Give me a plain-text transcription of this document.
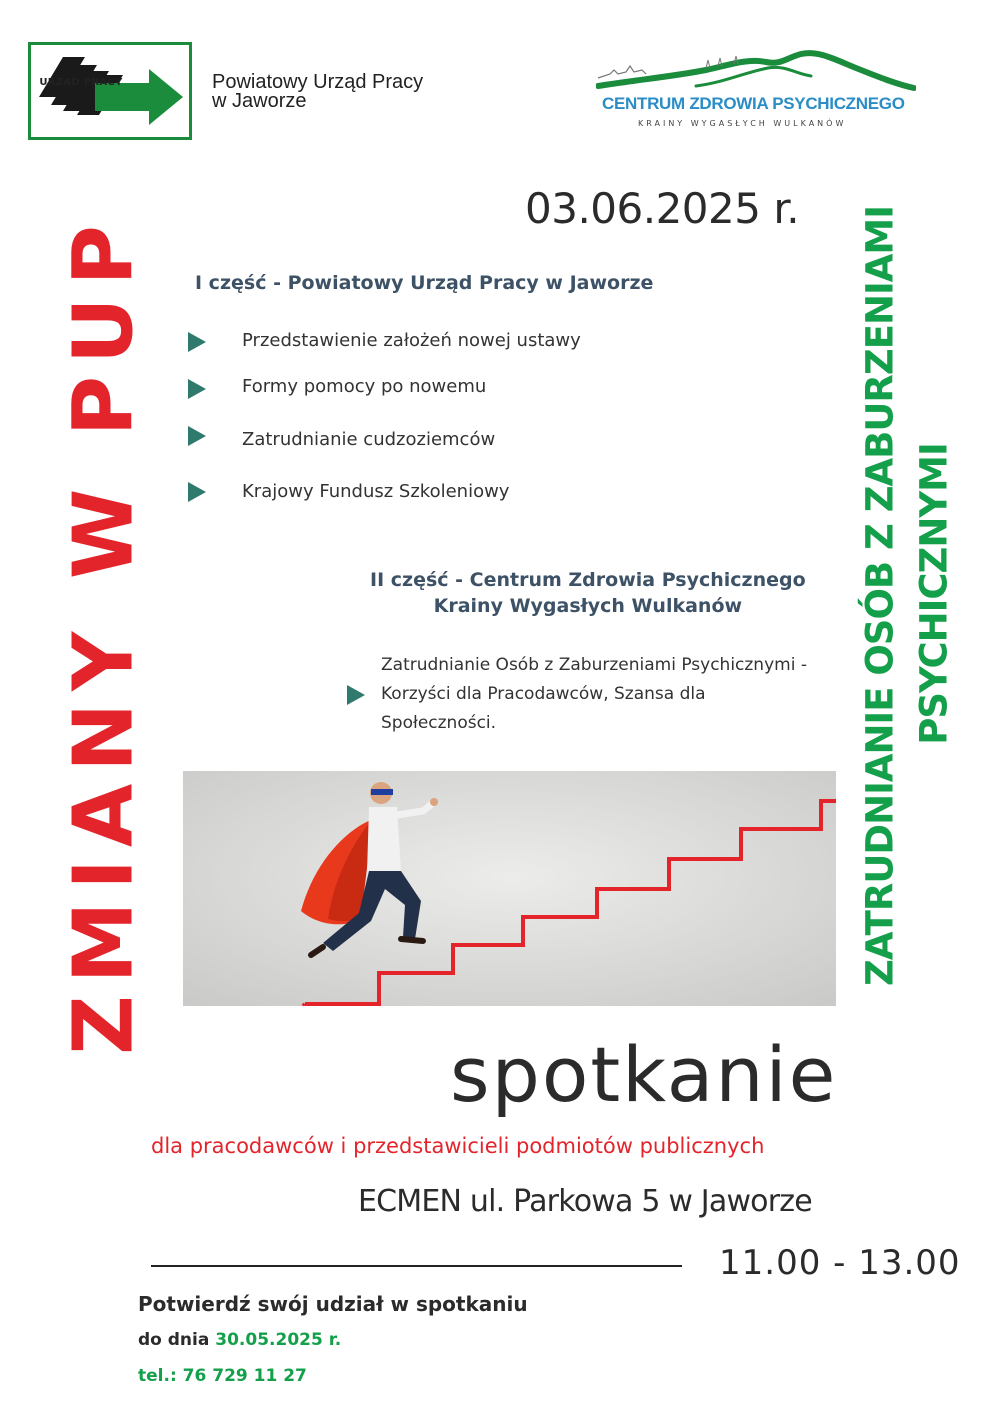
URZĄD PRACY	Powiatowy Urząd Pracy
w Jaworze	CENTRUM ZDROWIA PSYCHICZNEGO
KRAINY WYGASŁYCH WULKANÓW
ZMIANY W PUP	ZATRUDNIANIE OSÓB Z ZABURZENIAMI PSYCHICZNYMI
03.06.2025 r.
I część - Powiatowy Urząd Pracy w Jaworze
Przedstawienie założeń nowej ustawy
Formy pomocy po nowemu
Zatrudnianie cudzoziemców
Krajowy Fundusz Szkoleniowy
II część - Centrum Zdrowia Psychicznego
Krainy Wygasłych Wulkanów
Zatrudnianie Osób z Zaburzeniami Psychicznymi -
Korzyści dla Pracodawców, Szansa dla
Społeczności.
spotkanie
dla pracodawców i przedstawicieli podmiotów publicznych
ECMEN ul. Parkowa 5 w Jaworze
11.00 - 13.00
Potwierdź swój udział w spotkaniu
do dnia 30.05.2025 r.
tel.: 76 729 11 27
